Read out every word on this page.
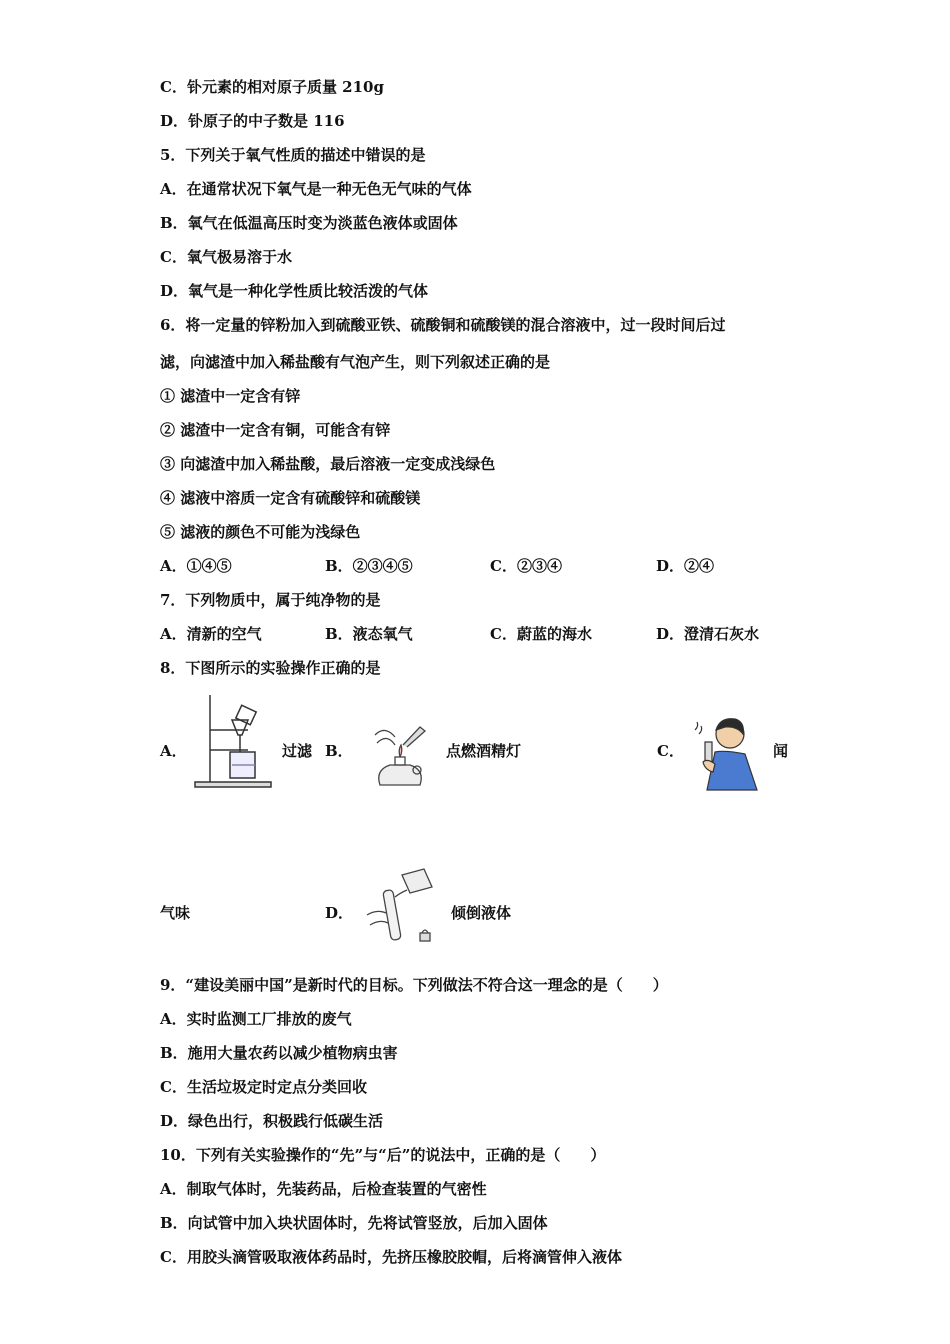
C．钋元素的相对原子质量 210g
D．钋原子的中子数是 116
5．下列关于氧气性质的描述中错误的是
A．在通常状况下氧气是一种无色无气味的气体
B．氧气在低温高压时变为淡蓝色液体或固体
C．氧气极易溶于水
D．氧气是一种化学性质比较活泼的气体
6．将一定量的锌粉加入到硫酸亚铁、硫酸铜和硫酸镁的混合溶液中，过一段时间后过
滤，向滤渣中加入稀盐酸有气泡产生，则下列叙述正确的是
① 滤渣中一定含有锌
② 滤渣中一定含有铜，可能含有锌
③ 向滤渣中加入稀盐酸，最后溶液一定变成浅绿色
④ 滤液中溶质一定含有硫酸锌和硫酸镁
⑤ 滤液的颜色不可能为浅绿色
A．①④⑤	B．②③④⑤	C．②③④	D．②④
7．下列物质中，属于纯净物的是
A．清新的空气	B．液态氧气	C．蔚蓝的海水	D．澄清石灰水
8．下图所示的实验操作正确的是
A．	过滤 B．	点燃酒精灯	C．	闻
气味	D．	倾倒液体
9．“建设美丽中国”是新时代的目标。下列做法不符合这一理念的是（　　）
A．实时监测工厂排放的废气
B．施用大量农药以减少植物病虫害
C．生活垃圾定时定点分类回收
D．绿色出行，积极践行低碳生活
10．下列有关实验操作的“先”与“后”的说法中，正确的是（　　）
A．制取气体时，先装药品，后检查装置的气密性
B．向试管中加入块状固体时，先将试管竖放，后加入固体
C．用胶头滴管吸取液体药品时，先挤压橡胶胶帽，后将滴管伸入液体
